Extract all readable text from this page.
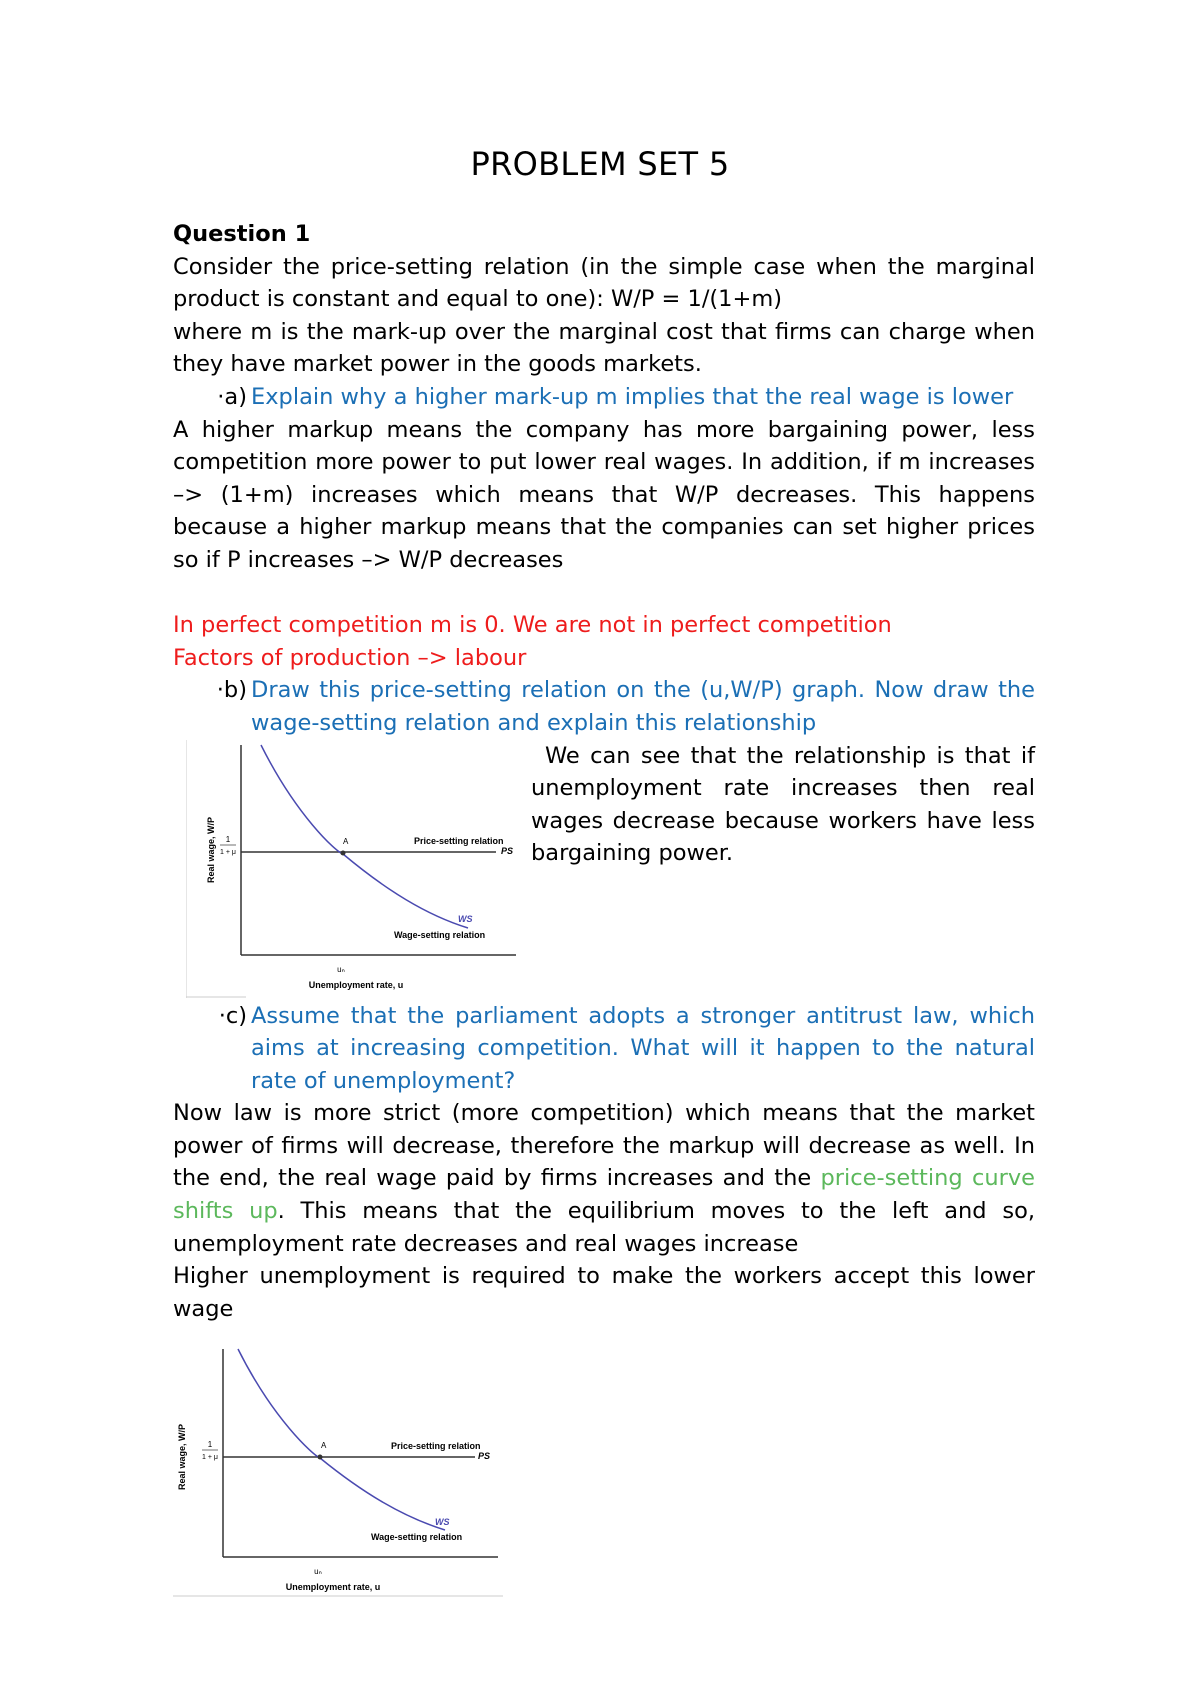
PROBLEM SET 5

Question 1

Consider the price-setting relation (in the simple case when the marginal product is constant and equal to one): W/P = 1/(1+m)

where m is the mark-up over the marginal cost that firms can charge when they have market power in the goods markets.

·a) Explain why a higher mark-up m implies that the real wage is lower

A higher markup means the company has more bargaining power, less competition more power to put lower real wages. In addition, if m increases –> (1+m) increases which means that W/P decreases. This happens because a higher markup means that the companies can set higher prices so if P increases –> W/P decreases

In perfect competition m is 0. We are not in perfect competition

Factors of production –> labour

·b) Draw this price-setting relation on the (u,W/P) graph. Now draw the wage-setting relation and explain this relationship
A	Price-setting relation
PS
WS
Wage-setting relation
1
1 + μ
uₙ
Unemployment rate, u
Real wage, W/P
We can see that the relationship is that if unemployment rate increases then real wages decrease because workers have less bargaining power.
·c) Assume that the parliament adopts a stronger antitrust law, which aims at increasing competition. What will it happen to the natural rate of unemployment?

Now law is more strict (more competition) which means that the market power of firms will decrease, therefore the markup will decrease as well. In the end, the real wage paid by firms increases and the price-setting curve shifts up. This means that the equilibrium moves to the left and so, unemployment rate decreases and real wages increase

Higher unemployment is required to make the workers accept this lower wage

A	Price-setting relation
PS
WS
Wage-setting relation
1
1 + μ
uₙ
Unemployment rate, u
Real wage, W/P
